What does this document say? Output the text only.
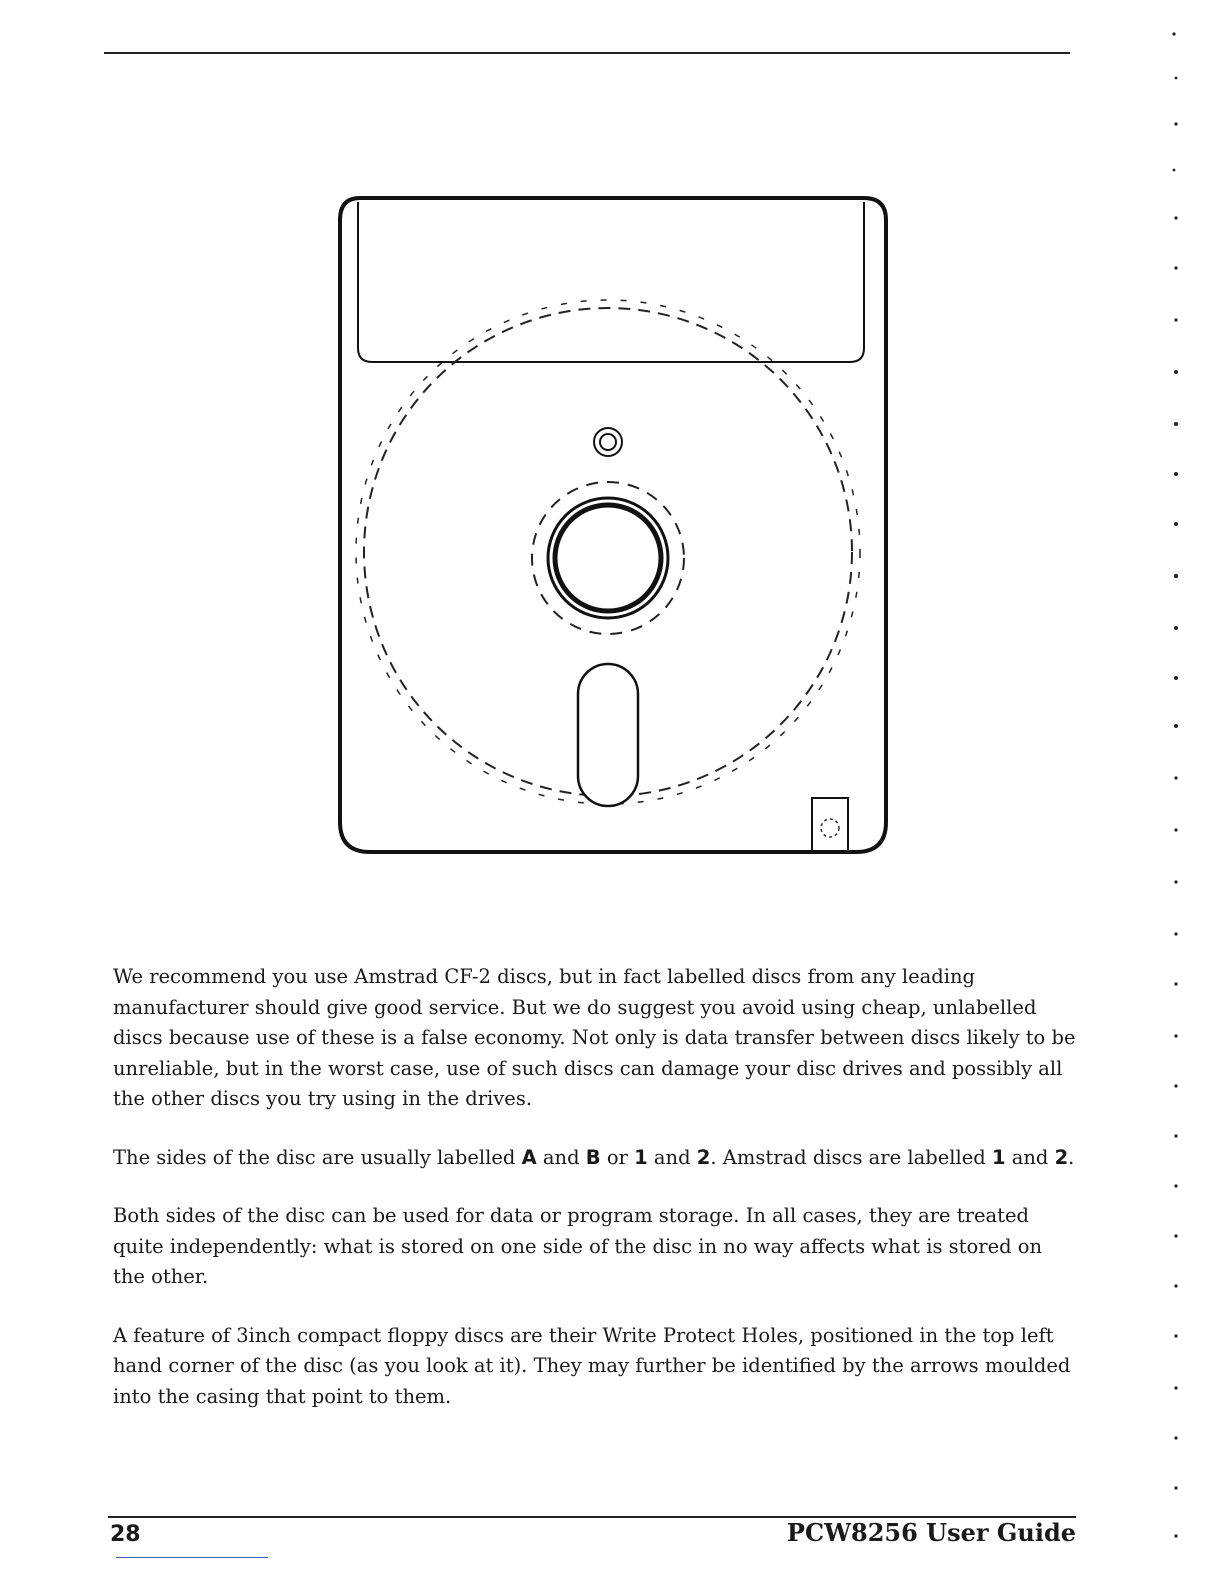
We recommend you use Amstrad CF-2 discs, but in fact labelled discs from any leading manufacturer should give good service. But we do suggest you avoid using cheap, unlabelled discs because use of these is a false economy. Not only is data transfer between discs likely to be unreliable, but in the worst case, use of such discs can damage your disc drives and possibly all the other discs you try using in the drives.

The sides of the disc are usually labelled A and B or 1 and 2. Amstrad discs are labelled 1 and 2.

Both sides of the disc can be used for data or program storage. In all cases, they are treated quite independently: what is stored on one side of the disc in no way affects what is stored on the other.

A feature of 3inch compact floppy discs are their Write Protect Holes, positioned in the top left hand corner of the disc (as you look at it). They may further be identified by the arrows moulded into the casing that point to them.

28	PCW8256 User Guide
